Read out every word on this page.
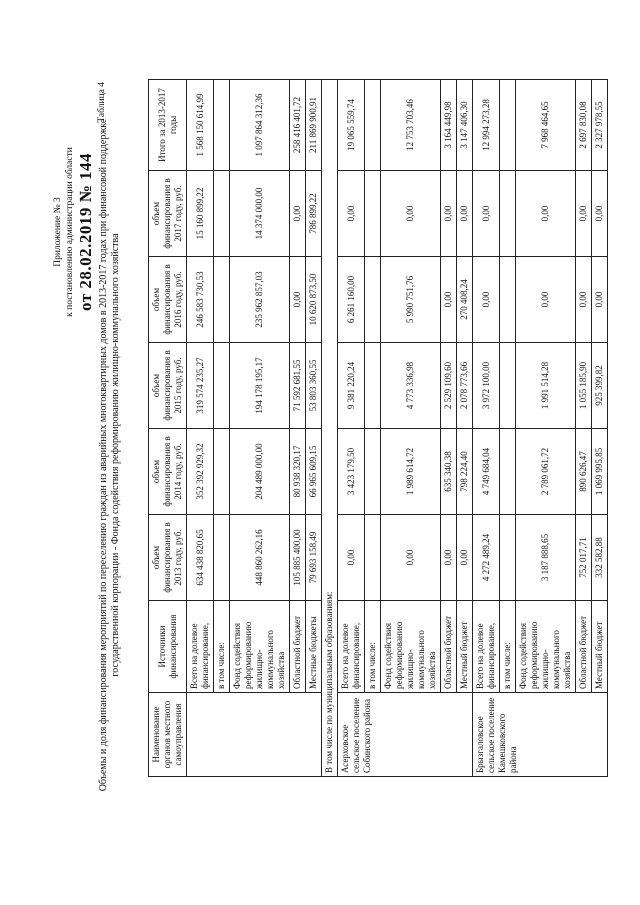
Приложение № 3 к постановлению администрации области от 28.02.2019 № 144
Таблица 4
Объемы и доля финансирования мероприятий по переселению граждан из аварийных многоквартирных домов в 2013-2017 годах при финансовой поддержке государственной корпорации - Фонда содействия реформированию жилищно-коммунального хозяйства
Наименование органов местного самоуправления	Источники финансирования	объем финансирования в 2013 году, руб.	объем финансирования в 2014 году, руб.	объем финансирования в 2015 году, руб.	объем финансирования в 2016 году, руб.	объем финансирования в 2017 году, руб.	Итого за 2013-2017 годы
	Всего на долевое финансирование,	634 438 820,65	352 392 929,32	319 574 235,27	246 583 730,53	15 160 899,22	1 568 150 614,99
	в том числе:						
	Фонд содействия реформированию жилищно-коммунального хозяйства	448 860 262,16	204 489 000,00	194 178 195,17	235 962 857,03	14 374 000,00	1 097 864 312,36
	Областной бюджет	105 885 400,00	80 938 320,17	71 592 681,55	0,00	0,00	258 416 401,72
	Местные бюджеты	79 693 158,49	66 965 609,15	53 803 360,55	10 620 873,50	786 899,22	211 869 900,91
В том числе по муниципальным образованиям:							
Асерховское сельское поселение Собинского района	Всего на долевое финансирование,	0,00	3 423 179,50	9 381 220,24	6 261 160,00	0,00	19 065 559,74
	в том числе:						
	Фонд содействия реформированию жилищно-коммунального хозяйства	0,00	1 989 614,72	4 773 336,98	5 990 751,76	0,00	12 753 703,46
	Областной бюджет	0,00	635 340,38	2 529 109,60	0,00	0,00	3 164 449,98
	Местный бюджет	0,00	798 224,40	2 078 773,66	270 408,24	0,00	3 147 406,30
Брызгаловское сельское поселение Камешковского района	Всего на долевое финансирование,	4 272 489,24	4 749 684,04	3 972 100,00	0,00	0,00	12 994 273,28
	в том числе:						
	Фонд содействия реформированию жилищно-коммунального хозяйства	3 187 888,65	2 789 061,72	1 991 514,28	0,00	0,00	7 968 464,65
	Областной бюджет	752 017,71	890 626,47	1 055 185,90	0,00	0,00	2 697 830,08
	Местный бюджет	332 582,88	1 069 995,85	925 399,82	0,00	0,00	2 327 978,55
